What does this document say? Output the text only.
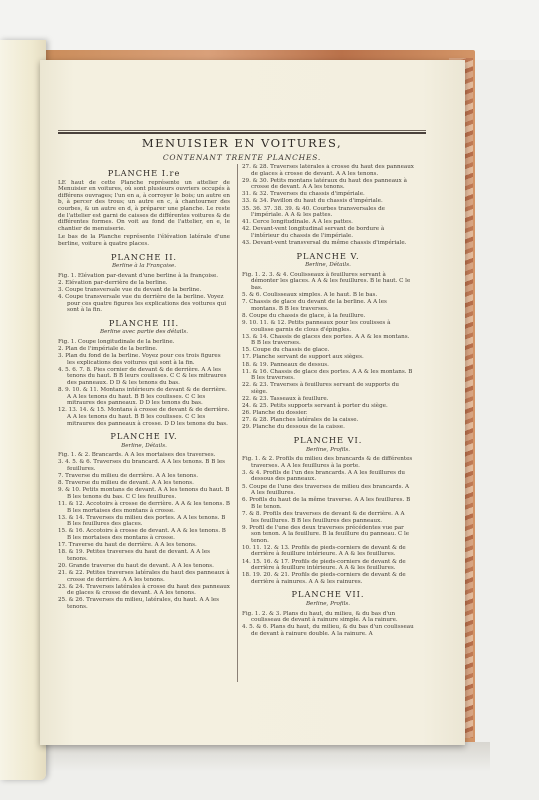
MENUISIER EN VOITURES,
CONTENANT TRENTE PLANCHES.
PLANCHE I.re
LE haut de cette Planche représente un attelier de Menuisier en voitures, où sont plusieurs ouvriers occupés à différens ouvrages; l'un en a, à corroyer le bois; un autre en b, à percer des trous; un autre en c, à chantourner des courbes, & un autre en d, à préparer une planche. Le reste de l'attelier est garni de caisses de différentes voitures & de différentes formes. On voit au fond de l'attelier, en e, le chantier de menuiserie.
Le bas de la Planche représente l'élévation latérale d'une berline, voiture à quatre places.
PLANCHE II.
Berline à la Françoise.
Fig. 1. Elévation par-devant d'une berline à la françoise.
2. Elévation par-derrière de la berline.
3. Coupe transversale vue du devant de la berline.
4. Coupe transversale vue du derrière de la berline. Voyez pour ces quatre figures les explications des voitures qui sont à la fin.
PLANCHE III.
Berline avec partie des détails.
Fig. 1. Coupe longitudinale de la berline.
2. Plan de l'impériale de la berline.
3. Plan du fond de la berline. Voyez pour ces trois figures les explications des voitures qui sont à la fin.
4. 5. 6. 7. 8. Pies cornier de devant & de derrière. A A les tenons du haut. B B leurs coulisses. C C & les mitraures des panneaux. D D & les tenons du bas.
8. 9. 10. & 11. Montans intérieurs de devant & de derrière. A A les tenons du haut. B B les coulisses. C C les mitraures des panneaux. D D les tenons du bas.
12. 13. 14. & 15. Montans à crosse de devant & de derrière. A A les tenons du haut. B B les coulisses. C C les mitraures des panneaux à crosse. D D les tenons du bas.
PLANCHE IV.
Berline, Détails.
Fig. 1. & 2. Brancards. A A les mortaises des traverses.
3. 4. 5. & 6. Traverses du brancard. A A les tenons. B B les feuillures.
7. Traverse du milieu de derrière. A A les tenons.
8. Traverse du milieu de devant. A A les tenons.
9. & 10. Petits montans de devant. A A les tenons du haut. B B les tenons du bas. C C les feuillures.
11. & 12. Accotoirs à crosse de derrière. A A & les tenons. B B les mortaises des montans à crosse.
13. & 14. Traverses du milieu des portes. A A les tenons. B B les feuillures des glaces.
15. & 16. Accotoirs à crosse de devant. A A & les tenons. B B les mortaises des montans à crosse.
17. Traverse du haut de derrière. A A les tenons.
18. & 19. Petites traverses du haut de devant. A A les tenons.
20. Grande traverse du haut de devant. A A les tenons.
21. & 22. Petites traverses latérales du haut des panneaux à crosse de derrière. A A les tenons.
23. & 24. Traverses latérales à crosse du haut des panneaux de glaces & crosse de devant. A A les tenons.
25. & 26. Traverses du milieu, latérales, du haut. A A les tenons.
27. & 28. Traverses latérales à crosse du haut des panneaux de glaces à crosse de devant. A A les tenons.
29. & 30. Petits montans latéraux du haut des panneaux à crosse de devant. A A les tenons.
31. & 32. Traverses du chassis d'impériale.
33. & 34. Pavillon du haut du chassis d'impériale.
35. 36. 37. 38. 39. & 40. Courbes transversales de l'impériale. A A & les pattes.
41. Cerce longitudinale. A A les pattes.
42. Devant-vent longitudinal servant de bordure à l'intérieur du chassis de l'impériale.
43. Devant-vent transversal du même chassis d'impériale.
PLANCHE V.
Berline, Détails.
Fig. 1. 2. 3. & 4. Coulisseaux à feuillures servant à démonter les glaces. A A & les feuillures. B le haut. C le bas.
5. & 6. Coulisseaux simples. A le haut. B le bas.
7. Chassis de glace du devant de la berline. A A les montans. B B les traverses.
8. Coupe du chassis de glace, à la feuillure.
9. 10. 11. & 12. Petits panneaux pour les coulisses à coulisse garnis de clous d'épingles.
13. & 14. Chassis de glaces des portes. A A & les montans. B B les traverses.
15. Coupe du chassis de glace.
17. Planche servant de support aux sièges.
18. & 19. Panneaux de dessus.
11. & 16. Chassis de glace des portes. A A & les montans. B B les traverses.
22. & 23. Traverses à feuillures servant de supports du siège.
22. & 23. Tasseaux à feuillure.
24. & 25. Petits supports servant à porter du siège.
26. Planche du dossier.
27. & 28. Planches latérales de la caisse.
29. Planche du dessous de la caisse.
PLANCHE VI.
Berline, Profils.
Fig. 1. & 2. Profils du milieu des brancards & de différentes traverses. A A les feuillures à la porte.
3. & 4. Profils de l'un des brancards. A A les feuillures du dessous des panneaux.
5. Coupe de l'une des traverses de milieu des brancards. A A les feuillures.
6. Profils du haut de la même traverse. A A les feuillures. B B le tenon.
7. & 8. Profils des traverses de devant & de derrière. A A les feuillures. B B les feuillures des panneaux.
9. Profil de l'une des deux traverses précédentes vue par son tenon. A la feuillure. B la feuillure du panneau. C le tenon.
10. 11. 12. & 13. Profils de pieds-corniers de devant & de derrière à feuillure intérieure. A A & les feuillures.
14. 15. 16. & 17. Profils de pieds-corniers de devant & de derrière à feuillure intérieure. A A & les feuillures.
18. 19. 20. & 21. Profils de pieds-corniers de devant & de derrière à rainures. A A & les rainures.
PLANCHE VII.
Berline, Profils.
Fig. 1. 2. & 3. Plans du haut, du milieu, & du bas d'un coulisseau de devant à rainure simple. A la rainure.
4. 5. & 6. Plans du haut, du milieu, & du bas d'un coulisseau de devant à rainure double. A la rainure. A
